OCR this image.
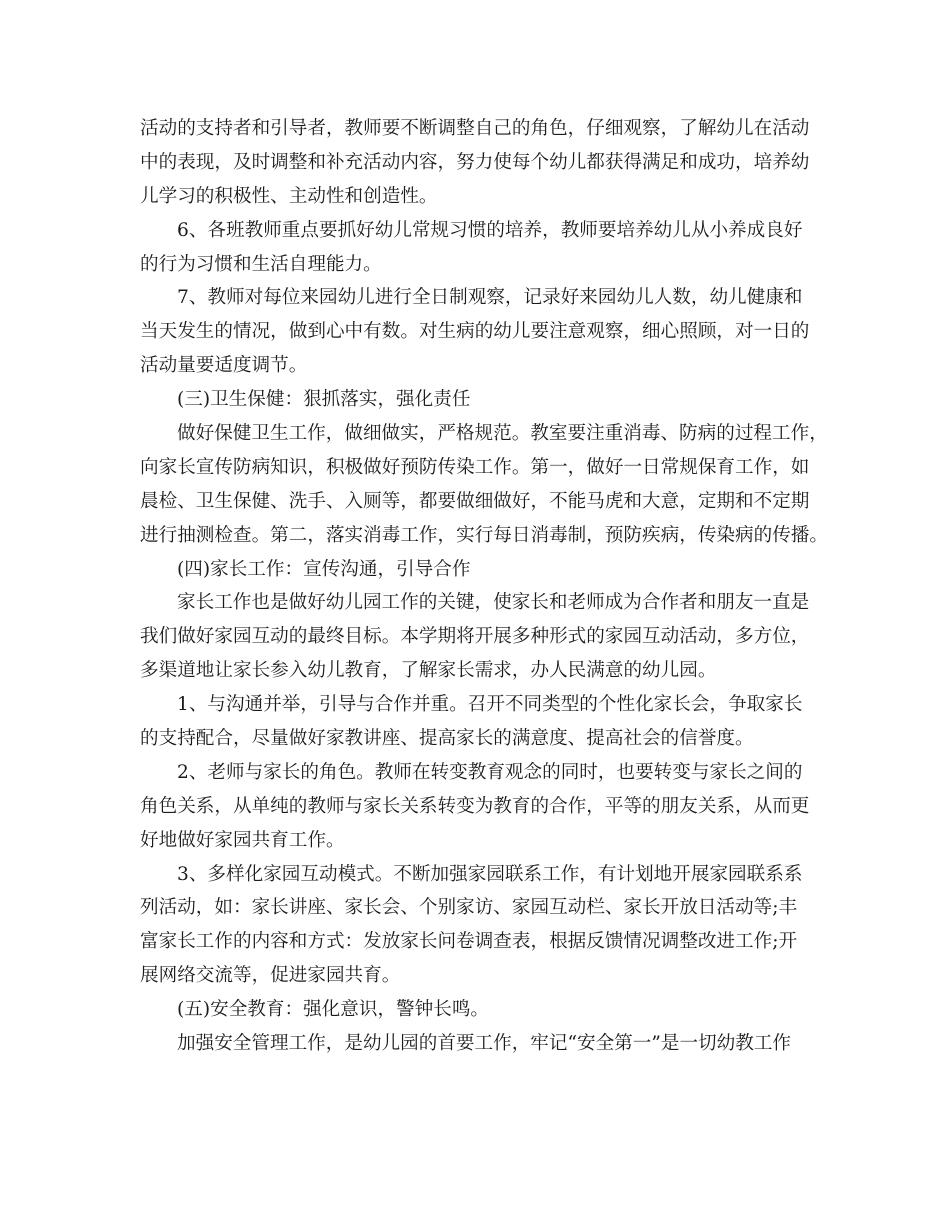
活动的支持者和引导者，教师要不断调整自己的角色，仔细观察，了解幼儿在活动
中的表现，及时调整和补充活动内容，努力使每个幼儿都获得满足和成功，培养幼
儿学习的积极性、主动性和创造性。
6、各班教师重点要抓好幼儿常规习惯的培养，教师要培养幼儿从小养成良好
的行为习惯和生活自理能力。
7、教师对每位来园幼儿进行全日制观察，记录好来园幼儿人数，幼儿健康和
当天发生的情况，做到心中有数。对生病的幼儿要注意观察，细心照顾，对一日的
活动量要适度调节。
(三)卫生保健：狠抓落实，强化责任
做好保健卫生工作，做细做实，严格规范。教室要注重消毒、防病的过程工作，
向家长宣传防病知识，积极做好预防传染工作。第一，做好一日常规保育工作，如
晨检、卫生保健、洗手、入厕等，都要做细做好，不能马虎和大意，定期和不定期
进行抽测检查。第二，落实消毒工作，实行每日消毒制，预防疾病，传染病的传播。
(四)家长工作：宣传沟通，引导合作
家长工作也是做好幼儿园工作的关键，使家长和老师成为合作者和朋友一直是
我们做好家园互动的最终目标。本学期将开展多种形式的家园互动活动，多方位，
多渠道地让家长参入幼儿教育，了解家长需求，办人民满意的幼儿园。
1、与沟通并举，引导与合作并重。召开不同类型的个性化家长会，争取家长
的支持配合，尽量做好家教讲座、提高家长的满意度、提高社会的信誉度。
2、老师与家长的角色。教师在转变教育观念的同时，也要转变与家长之间的
角色关系，从单纯的教师与家长关系转变为教育的合作，平等的朋友关系，从而更
好地做好家园共育工作。
3、多样化家园互动模式。不断加强家园联系工作，有计划地开展家园联系系
列活动，如：家长讲座、家长会、个别家访、家园互动栏、家长开放日活动等;丰
富家长工作的内容和方式：发放家长问卷调查表，根据反馈情况调整改进工作;开
展网络交流等，促进家园共育。
(五)安全教育：强化意识，警钟长鸣。
加强安全管理工作，是幼儿园的首要工作，牢记“安全第一”是一切幼教工作
